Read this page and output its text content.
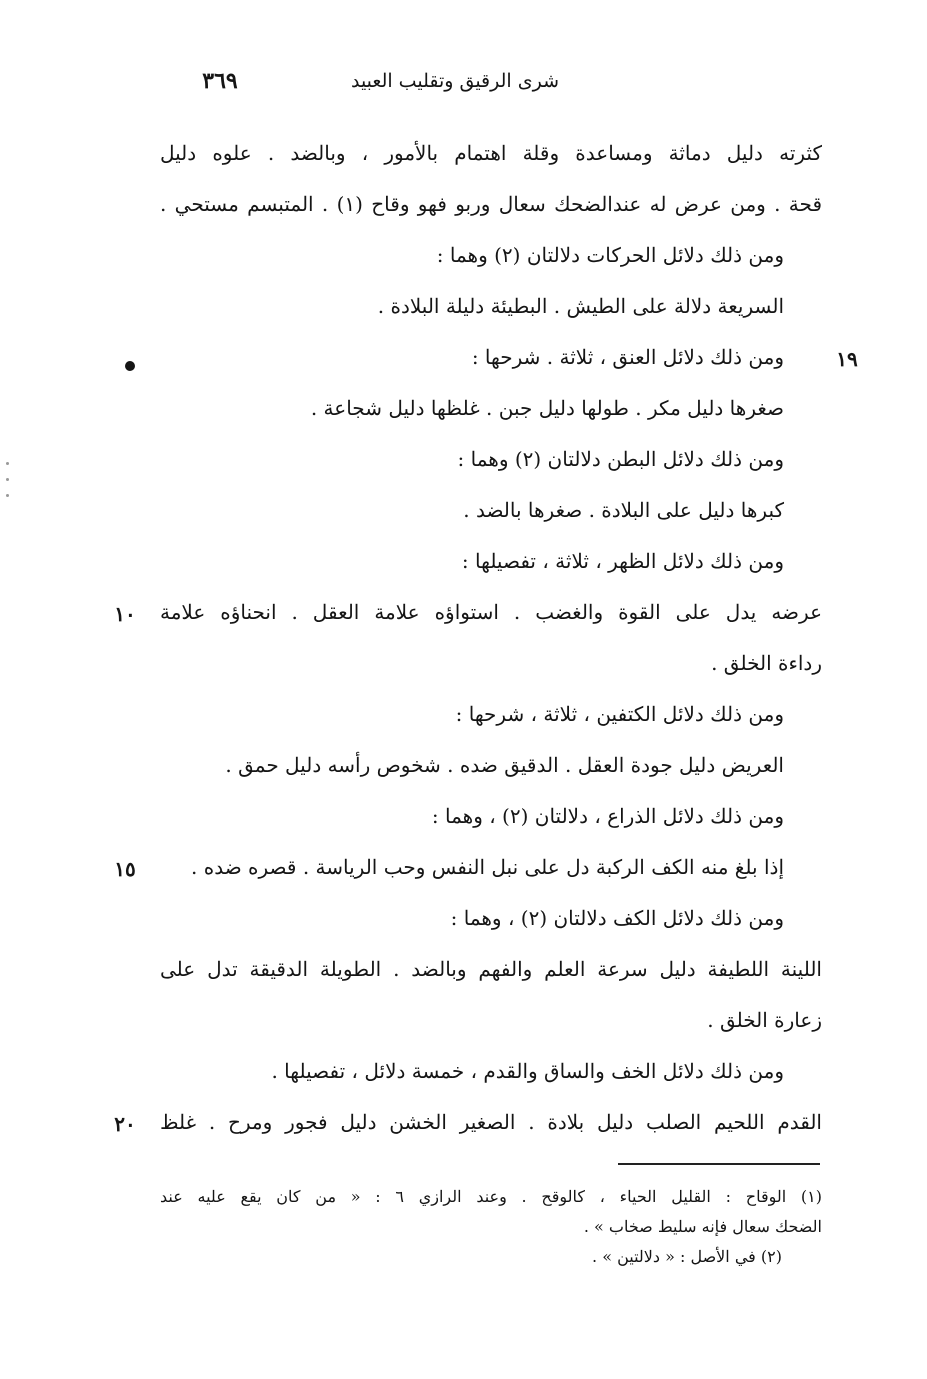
شرى الرقيق وتقليب العبيد
٣٦٩
كثرته دليل دماثة ومساعدة وقلة اهتمام بالأمور ، وبالضد . علوه دليل
قحة . ومن عرض له عندالضحك سعال وربو فهو وقاح (١) . المتبسم مستحي .
ومن ذلك دلائل الحركات دلالتان (٢) وهما :
السريعة دلالة على الطيش . البطيئة دليلة البلادة .
ومن ذلك دلائل العنق ، ثلاثة . شرحها :
صغرها دليل مكر . طولها دليل جبن . غلظها دليل شجاعة .
ومن ذلك دلائل البطن دلالتان (٢) وهما :
كبرها دليل على البلادة . صغرها بالضد .
ومن ذلك دلائل الظهر ، ثلاثة ، تفصيلها :
عرضه يدل على القوة والغضب . استواؤه علامة العقل . انحناؤه علامة
رداءة الخلق .
ومن ذلك دلائل الكتفين ، ثلاثة ، شرحها :
العريض دليل جودة العقل . الدقيق ضده . شخوص رأسه دليل حمق .
ومن ذلك دلائل الذراع ، دلالتان (٢) ، وهما :
إذا بلغ منه الكف الركبة دل على نبل النفس وحب الرياسة . قصره ضده .
ومن ذلك دلائل الكف دلالتان (٢) ، وهما :
اللينة اللطيفة دليل سرعة العلم والفهم وبالضد . الطويلة الدقيقة تدل على
زعارة الخلق .
ومن ذلك دلائل الخف والساق والقدم ، خمسة دلائل ، تفصيلها .
القدم اللحيم الصلب دليل بلادة . الصغير الخشن دليل فجور ومرح . غلظ
١٩
١٠
١٥
٢٠
(١) الوقاح : القليل الحياء ، كالوقح . وعند الرازي ٦ : « من كان يقع عليه عند
الضحك سعال فإنه سليط صخاب » .
(٢) في الأصل : « دلالتين » .
